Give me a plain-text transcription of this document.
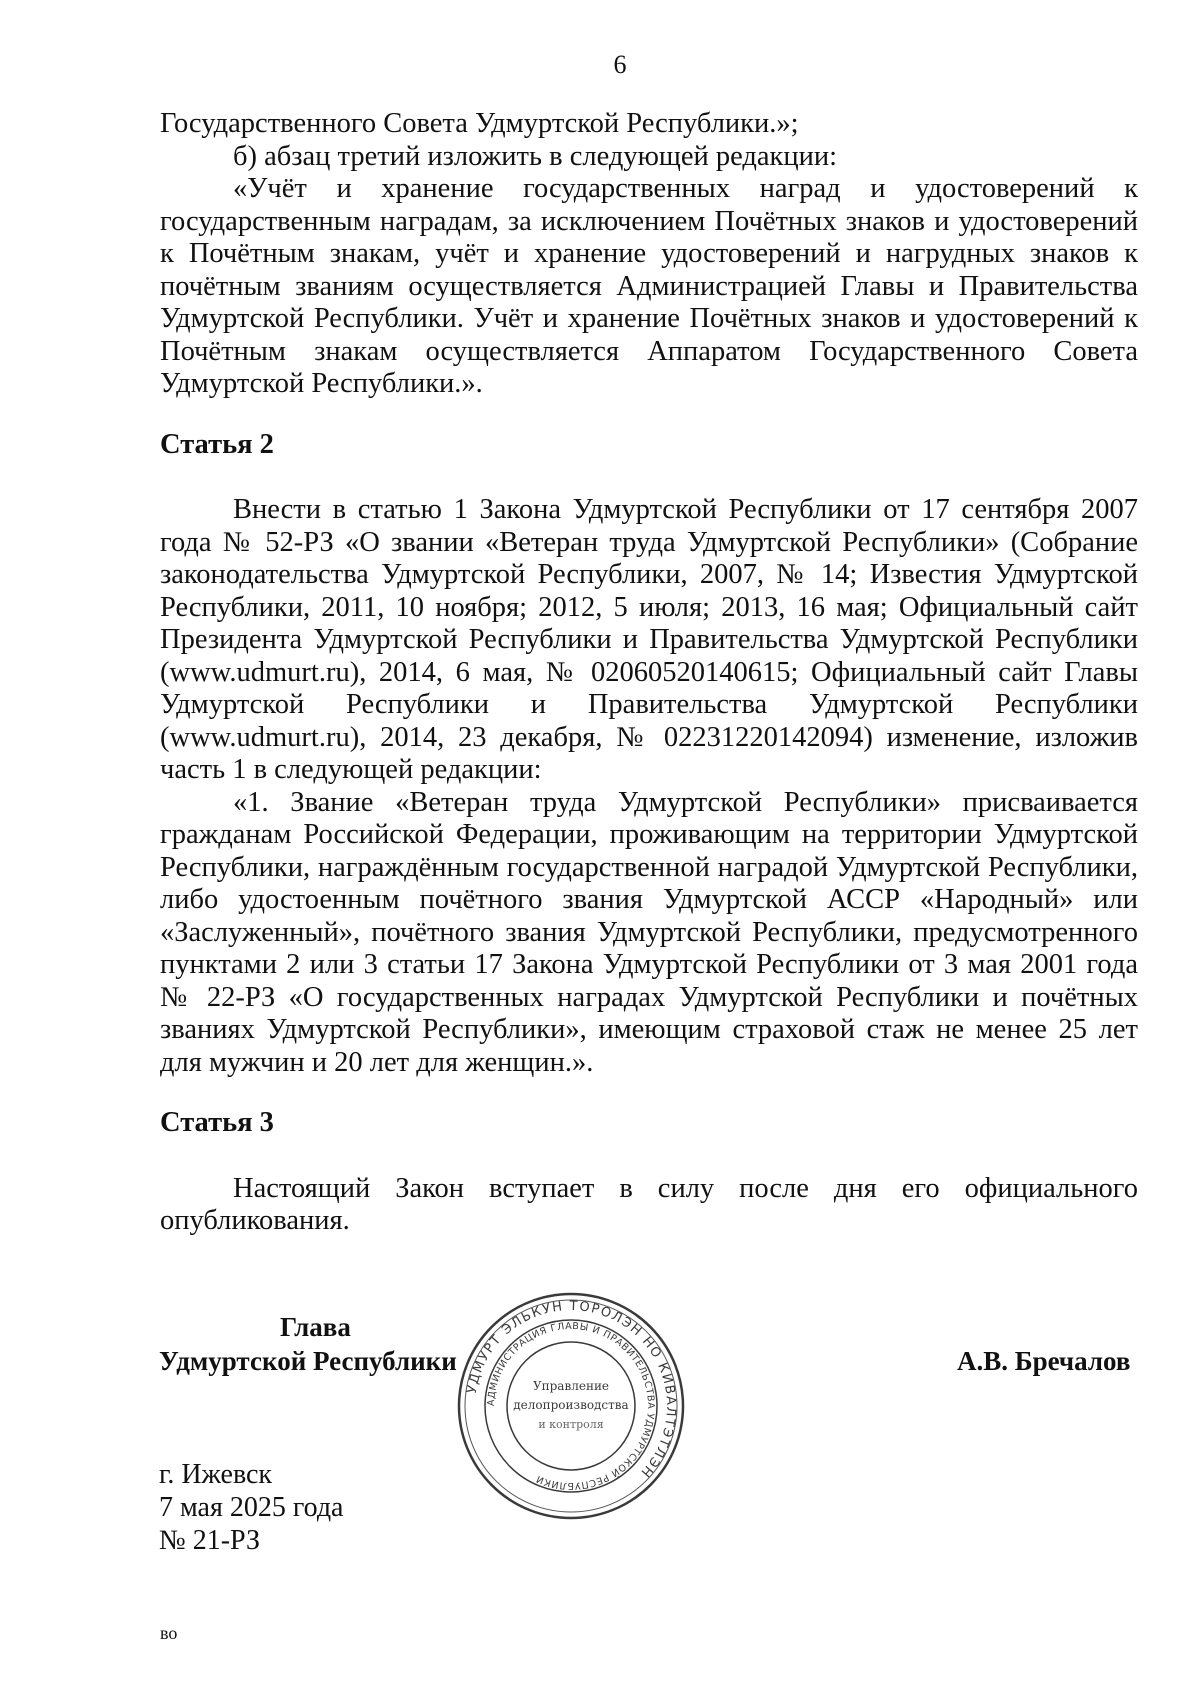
6

Государственного Совета Удмуртской Республики.»;

б) абзац третий изложить в следующей редакции:

«Учёт и хранение государственных наград и удостоверений к государственным наградам, за исключением Почётных знаков и удостоверений к Почётным знакам, учёт и хранение удостоверений и нагрудных знаков к почётным званиям осуществляется Администрацией Главы и Правительства Удмуртской Республики. Учёт и хранение Почётных знаков и удостоверений к Почётным знакам осуществляется Аппаратом Государственного Совета Удмуртской Республики.».

Статья 2

Внести в статью 1 Закона Удмуртской Республики от 17 сентября 2007 года № 52-РЗ «О звании «Ветеран труда Удмуртской Республики» (Собрание законодательства Удмуртской Республики, 2007, № 14; Известия Удмуртской Республики, 2011, 10 ноября; 2012, 5 июля; 2013, 16 мая; Официальный сайт Президента Удмуртской Республики и Правительства Удмуртской Республики (www.udmurt.ru), 2014, 6 мая, № 02060520140615; Официальный сайт Главы Удмуртской Республики и Правительства Удмуртской Республики (www.udmurt.ru), 2014, 23 декабря, № 02231220142094) изменение, изложив часть 1 в следующей редакции:

«1. Звание «Ветеран труда Удмуртской Республики» присваивается гражданам Российской Федерации, проживающим на территории Удмуртской Республики, награждённым государственной наградой Удмуртской Республики, либо удостоенным почётного звания Удмуртской АССР «Народный» или «Заслуженный», почётного звания Удмуртской Республики, предусмотренного пунктами 2 или 3 статьи 17 Закона Удмуртской Республики от 3 мая 2001 года № 22-РЗ «О государственных наградах Удмуртской Республики и почётных званиях Удмуртской Республики», имеющим страховой стаж не менее 25 лет для мужчин и 20 лет для женщин.».

Статья 3

Настоящий Закон вступает в силу после дня его официального опубликования.

Глава
Удмуртской Республики	А.В. Бречалов
УДМУРТ ЭЛЬКУН ТОРОЛЭН НО КИВАЛТЭТЛЭН
АДМИНИСТРАЦИЯ ГЛАВЫ И ПРАВИТЕЛЬСТВА УДМУРТСКОЙ РЕСПУБЛИКИ
Управление
делопроизводства
и контроля
г. Ижевск
7 мая 2025 года
№ 21-РЗ
во
